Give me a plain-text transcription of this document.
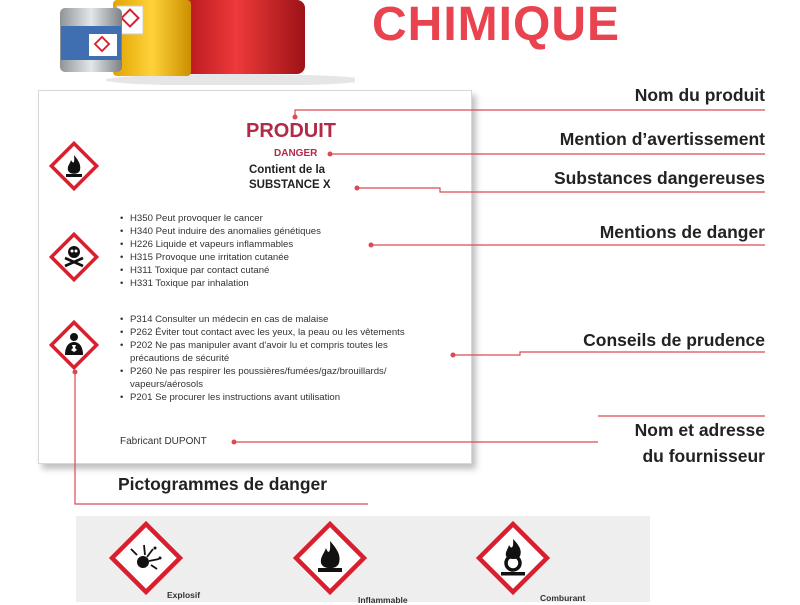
CHIMIQUE
PRODUIT
DANGER
Contient de la
SUBSTANCE X
• H350 Peut provoquer le cancer
• H340 Peut induire des anomalies génétiques
• H226 Liquide et vapeurs inflammables
• H315 Provoque une irritation cutanée
• H311 Toxique par contact cutané
• H331 Toxique par inhalation
• P314 Consulter un médecin en cas de malaise
• P262 Éviter tout contact avec les yeux, la peau ou les vêtements
• P202 Ne pas manipuler avant d'avoir lu et compris toutes les
précautions de sécurité
• P260 Ne pas respirer les poussières/fumées/gaz/brouillards/
vapeurs/aérosols
• P201 Se procurer les instructions avant utilisation
Fabricant DUPONT
Nom du produit
Mention d’avertissement
Substances dangereuses
Mentions de danger
Conseils de prudence
Nom et adresse
du fournisseur
Pictogrammes de danger
Explosif	Inflammable	Comburant
